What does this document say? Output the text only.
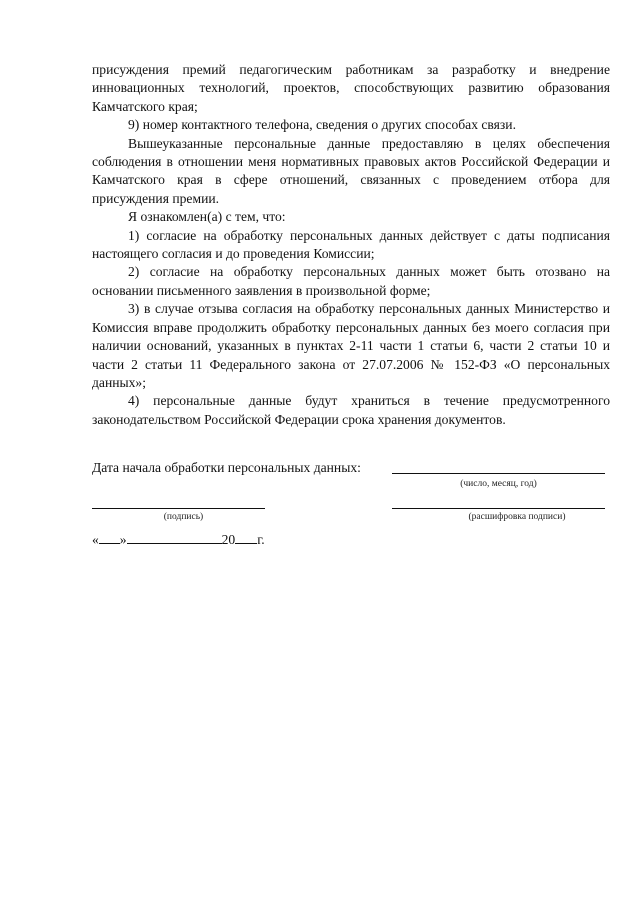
присуждения премий педагогическим работникам за разработку и внедрение инновационных технологий, проектов, способствующих развитию образования Камчатского края;

9) номер контактного телефона, сведения о других способах связи.

Вышеуказанные персональные данные предоставляю в целях обеспечения соблюдения в отношении меня нормативных правовых актов Российской Федерации и Камчатского края в сфере отношений, связанных с проведением отбора для присуждения премии.

Я ознакомлен(а) с тем, что:

1) согласие на обработку персональных данных действует с даты подписания настоящего согласия и до проведения Комиссии;

2) согласие на обработку персональных данных может быть отозвано на основании письменного заявления в произвольной форме;

3) в случае отзыва согласия на обработку персональных данных Министерство и Комиссия вправе продолжить обработку персональных данных без моего согласия при наличии оснований, указанных в пунктах 2-11 части 1 статьи 6, части 2 статьи 10 и части 2 статьи 11 Федерального закона от 27.07.2006 № 152-ФЗ «О персональных данных»;

4) персональные данные будут храниться в течение предусмотренного законодательством Российской Федерации срока хранения документов.

Дата начала обработки персональных данных:
(число, месяц, год)
(подпись)	(расшифровка подписи)
« »	20 г.
